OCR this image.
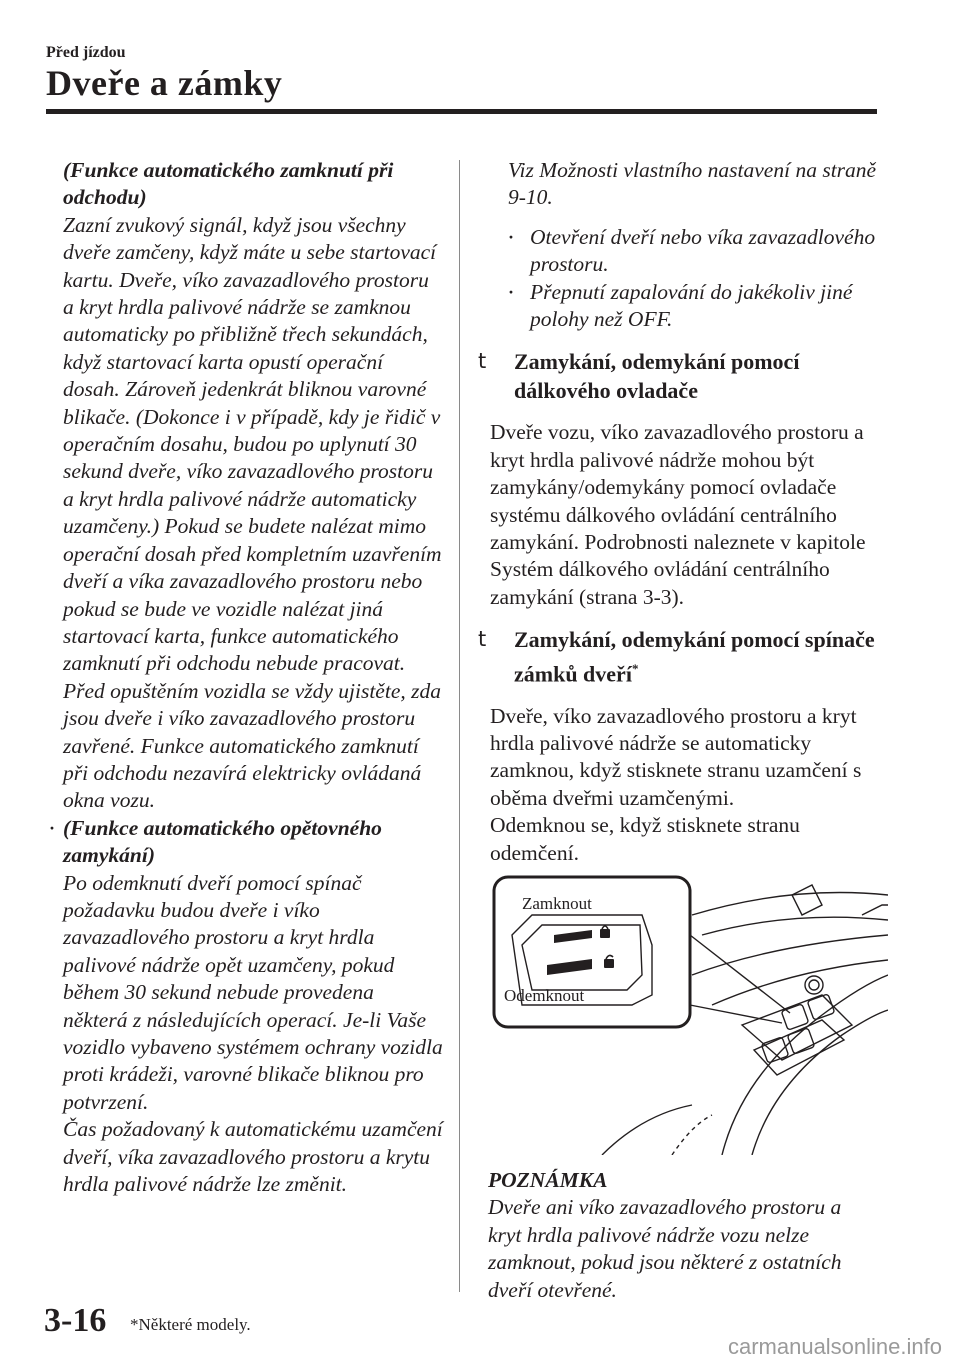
Před jízdou
Dveře a zámky

(Funkce automatického zamknutí při odchodu)

Zazní zvukový signál, když jsou všechny dveře zamčeny, když máte u sebe startovací kartu. Dveře, víko zavazadlového prostoru a kryt hrdla palivové nádrže se zamknou automaticky po přibližně třech sekundách, když startovací karta opustí operační dosah. Zároveň jedenkrát bliknou varovné blikače. (Dokonce i v případě, kdy je řidič v operačním dosahu, budou po uplynutí 30 sekund dveře, víko zavazadlového prostoru a kryt hrdla palivové nádrže automaticky uzamčeny.) Pokud se budete nalézat mimo operační dosah před kompletním uzavřením dveří a víka zavazadlového prostoru nebo pokud se bude ve vozidle nalézat jiná startovací karta, funkce automatického zamknutí při odchodu nebude pracovat. Před opuštěním vozidla se vždy ujistěte, zda jsou dveře i víko zavazadlového prostoru zavřené. Funkce automatického zamknutí při odchodu nezavírá elektricky ovládaná okna vozu.

· (Funkce automatického opětovného zamykání)

Po odemknutí dveří pomocí spínač požadavku budou dveře i víko zavazadlového prostoru a kryt hrdla palivové nádrže opět uzamčeny, pokud během 30 sekund nebude provedena některá z následujících operací. Je-li Vaše vozidlo vybaveno systémem ochrany vozidla proti krádeži, varovné blikače bliknou pro potvrzení.

Čas požadovaný k automatickému uzamčení dveří, víka zavazadlového prostoru a krytu hrdla palivové nádrže lze změnit.

Viz Možnosti vlastního nastavení na straně 9-10.

· Otevření dveří nebo víka zavazadlového prostoru.
· Přepnutí zapalování do jakékoliv jiné polohy než OFF.
t Zamykání, odemykání pomocí dálkového ovladače

Dveře vozu, víko zavazadlového prostoru a kryt hrdla palivové nádrže mohou být zamykány/odemykány pomocí ovladače systému dálkového ovládání centrálního zamykání. Podrobnosti naleznete v kapitole Systém dálkového ovládání centrálního zamykání (strana 3-3).

t Zamykání, odemykání pomocí spínače zámků dveří*

Dveře, víko zavazadlového prostoru a kryt hrdla palivové nádrže se automaticky zamknou, když stisknete stranu uzamčení s oběma dveřmi uzamčenými.

Odemknou se, když stisknete stranu odemčení.

Zamknout
Odemknout

POZNÁMKA

Dveře ani víko zavazadlového prostoru a kryt hrdla palivové nádrže vozu nelze zamknout, pokud jsou některé z ostatních dveří otevřené.

3-16 *Některé modely.
carmanualsonline.info
